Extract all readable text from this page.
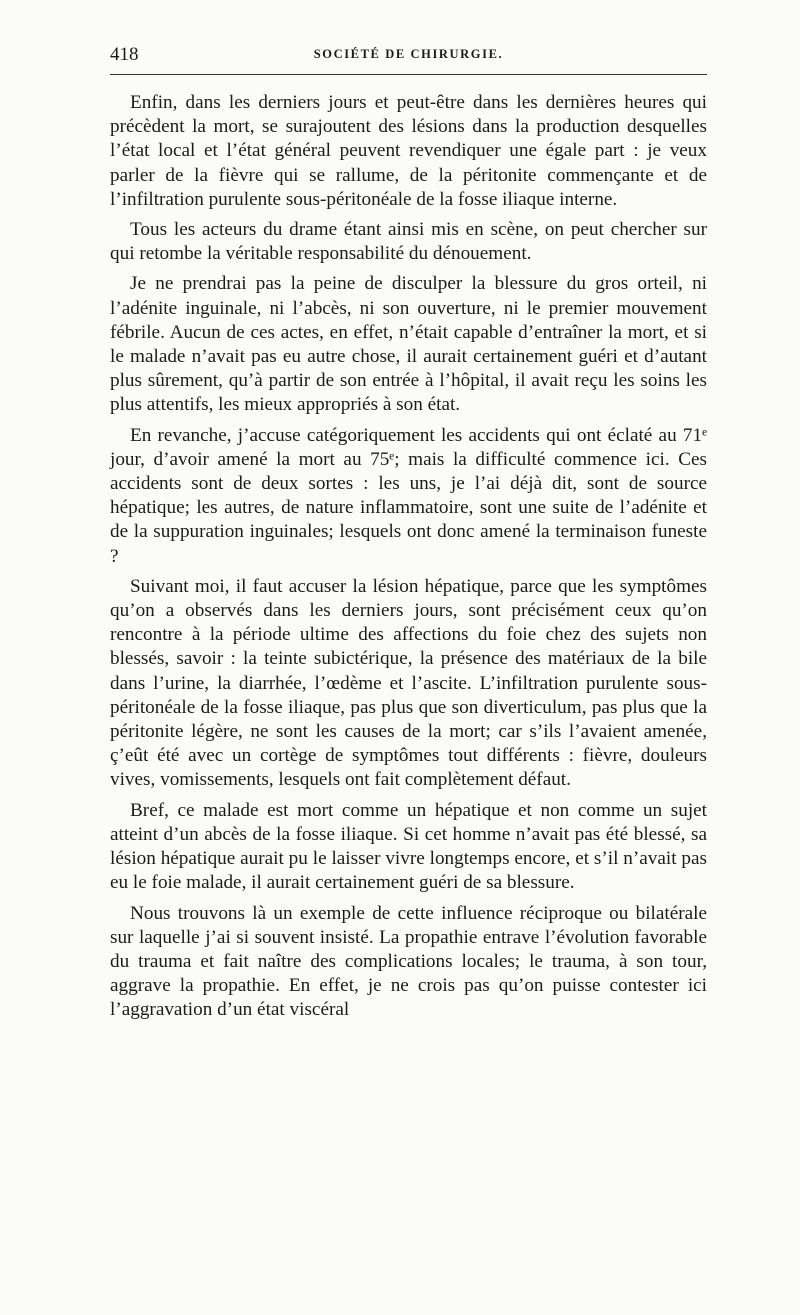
418	SOCIÉTÉ DE CHIRURGIE.

Enfin, dans les derniers jours et peut-être dans les dernières heures qui précèdent la mort, se surajoutent des lésions dans la production desquelles l’état local et l’état général peuvent revendiquer une égale part : je veux parler de la fièvre qui se rallume, de la péritonite commençante et de l’infiltration purulente sous-péritonéale de la fosse iliaque interne.

Tous les acteurs du drame étant ainsi mis en scène, on peut chercher sur qui retombe la véritable responsabilité du dénouement.

Je ne prendrai pas la peine de disculper la blessure du gros orteil, ni l’adénite inguinale, ni l’abcès, ni son ouverture, ni le premier mouvement fébrile. Aucun de ces actes, en effet, n’était capable d’entraîner la mort, et si le malade n’avait pas eu autre chose, il aurait certainement guéri et d’autant plus sûrement, qu’à partir de son entrée à l’hôpital, il avait reçu les soins les plus attentifs, les mieux appropriés à son état.

En revanche, j’accuse catégoriquement les accidents qui ont éclaté au 71ᵉ jour, d’avoir amené la mort au 75ᵉ; mais la difficulté commence ici. Ces accidents sont de deux sortes : les uns, je l’ai déjà dit, sont de source hépatique; les autres, de nature inflammatoire, sont une suite de l’adénite et de la suppuration inguinales; lesquels ont donc amené la terminaison funeste ?

Suivant moi, il faut accuser la lésion hépatique, parce que les symptômes qu’on a observés dans les derniers jours, sont précisément ceux qu’on rencontre à la période ultime des affections du foie chez des sujets non blessés, savoir : la teinte subictérique, la présence des matériaux de la bile dans l’urine, la diarrhée, l’œdème et l’ascite. L’infiltration purulente sous-péritonéale de la fosse iliaque, pas plus que son diverticulum, pas plus que la péritonite légère, ne sont les causes de la mort; car s’ils l’avaient amenée, ç’eût été avec un cortège de symptômes tout différents : fièvre, douleurs vives, vomissements, lesquels ont fait complètement défaut.

Bref, ce malade est mort comme un hépatique et non comme un sujet atteint d’un abcès de la fosse iliaque. Si cet homme n’avait pas été blessé, sa lésion hépatique aurait pu le laisser vivre longtemps encore, et s’il n’avait pas eu le foie malade, il aurait certainement guéri de sa blessure.

Nous trouvons là un exemple de cette influence réciproque ou bilatérale sur laquelle j’ai si souvent insisté. La propathie entrave l’évolution favorable du trauma et fait naître des complications locales; le trauma, à son tour, aggrave la propathie. En effet, je ne crois pas qu’on puisse contester ici l’aggravation d’un état viscéral
